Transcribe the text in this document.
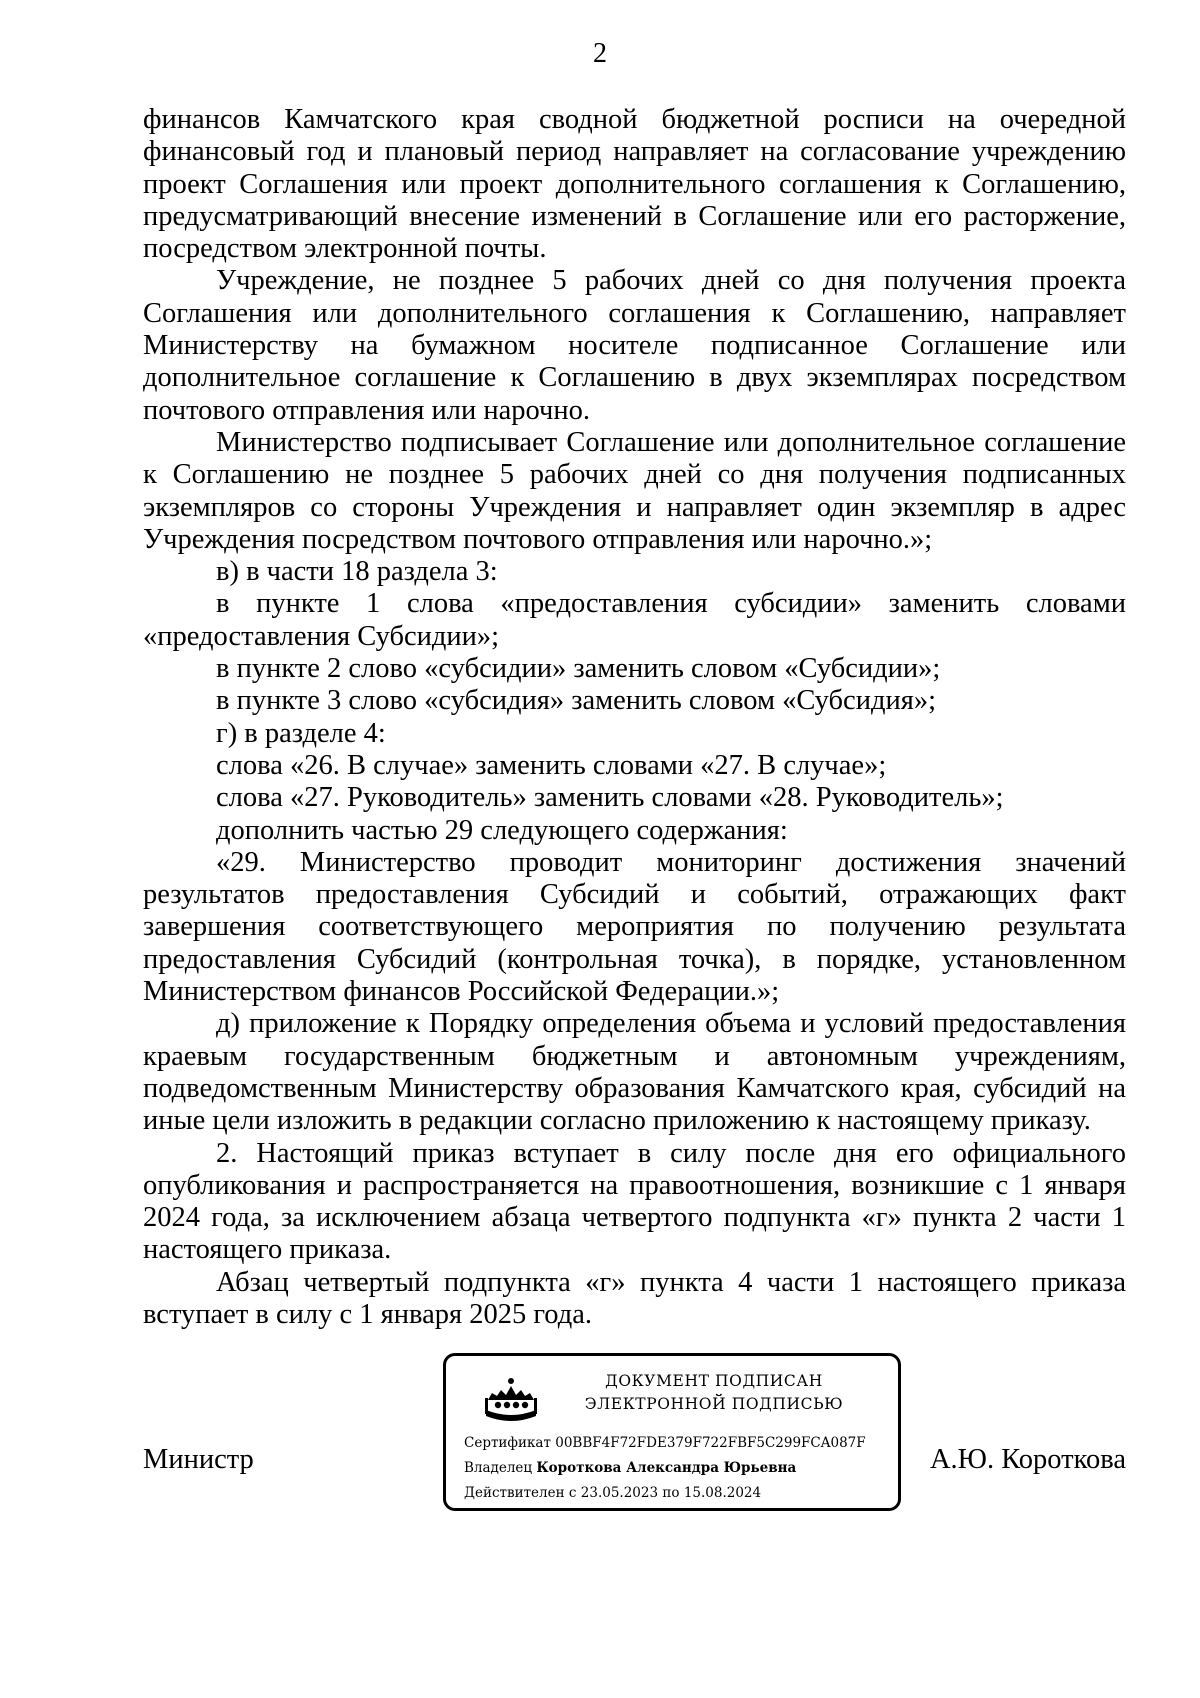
2

финансов Камчатского края сводной бюджетной росписи на очередной финансовый год и плановый период направляет на согласование учреждению проект Соглашения или проект дополнительного соглашения к Соглашению, предусматривающий внесение изменений в Соглашение или его расторжение, посредством электронной почты.

Учреждение, не позднее 5 рабочих дней со дня получения проекта Соглашения или дополнительного соглашения к Соглашению, направляет Министерству на бумажном носителе подписанное Соглашение или дополнительное соглашение к Соглашению в двух экземплярах посредством почтового отправления или нарочно.

Министерство подписывает Соглашение или дополнительное соглашение к Соглашению не позднее 5 рабочих дней со дня получения подписанных экземпляров со стороны Учреждения и направляет один экземпляр в адрес Учреждения посредством почтового отправления или нарочно.»;

в) в части 18 раздела 3:

в пункте 1 слова «предоставления субсидии» заменить словами «предоставления Субсидии»;

в пункте 2 слово «субсидии» заменить словом «Субсидии»;

в пункте 3 слово «субсидия» заменить словом «Субсидия»;

г) в разделе 4:

слова «26. В случае» заменить словами «27. В случае»;

слова «27. Руководитель» заменить словами «28. Руководитель»;

дополнить частью 29 следующего содержания:

«29. Министерство проводит мониторинг достижения значений результатов предоставления Субсидий и событий, отражающих факт завершения соответствующего мероприятия по получению результата предоставления Субсидий (контрольная точка), в порядке, установленном Министерством финансов Российской Федерации.»;

д) приложение к Порядку определения объема и условий предоставления краевым государственным бюджетным и автономным учреждениям, подведомственным Министерству образования Камчатского края, субсидий на иные цели изложить в редакции согласно приложению к настоящему приказу.

2. Настоящий приказ вступает в силу после дня его официального опубликования и распространяется на правоотношения, возникшие с 1 января 2024 года, за исключением абзаца четвертого подпункта «г» пункта 2 части 1 настоящего приказа.

Абзац четвертый подпункта «г» пункта 4 части 1 настоящего приказа вступает в силу с 1 января 2025 года.

Министр
ДОКУМЕНТ ПОДПИСАН
ЭЛЕКТРОННОЙ ПОДПИСЬЮ
Сертификат 00BBF4F72FDE379F722FBF5C299FCA087F
Владелец Короткова Александра Юрьевна
Действителен с 23.05.2023 по 15.08.2024
А.Ю. Короткова
